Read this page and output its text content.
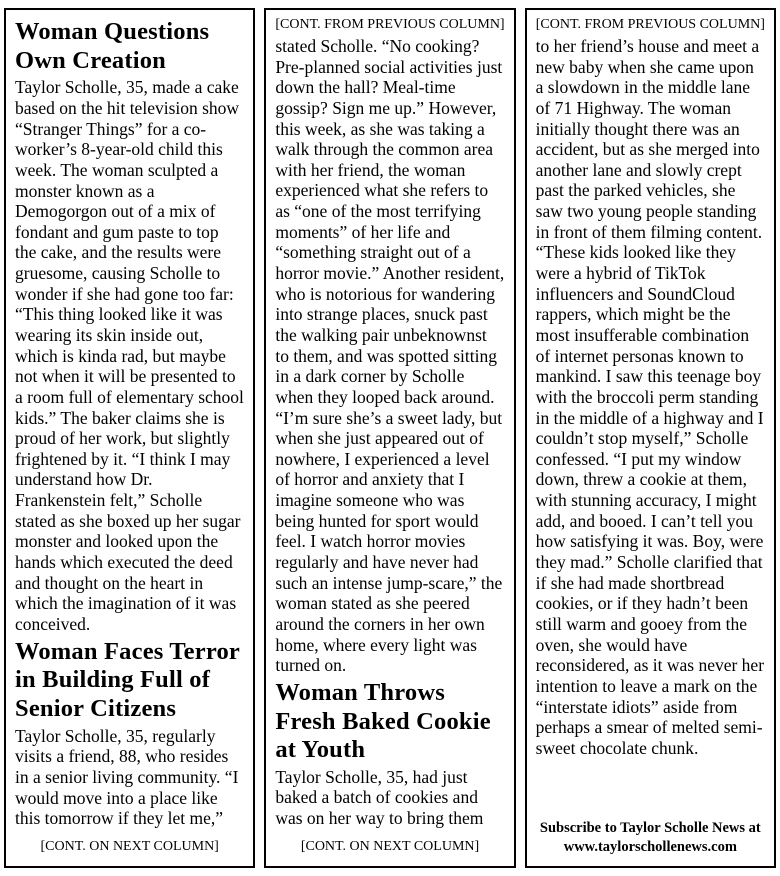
Woman Questions Own Creation

Taylor Scholle, 35, made a cake based on the hit television show “Stranger Things” for a co-worker’s 8-year-old child this week. The woman sculpted a monster known as a Demogorgon out of a mix of fondant and gum paste to top the cake, and the results were gruesome, causing Scholle to wonder if she had gone too far: “This thing looked like it was wearing its skin inside out, which is kinda rad, but maybe not when it will be presented to a room full of elementary school kids.” The baker claims she is proud of her work, but slightly frightened by it. “I think I may understand how Dr. Frankenstein felt,” Scholle stated as she boxed up her sugar monster and looked upon the hands which executed the deed and thought on the heart in which the imagination of it was conceived.

Woman Faces Terror in Building Full of Senior Citizens

Taylor Scholle, 35, regularly visits a friend, 88, who resides in a senior living community. “I would move into a place like this tomorrow if they let me,”

[CONT. ON NEXT COLUMN]
[CONT. FROM PREVIOUS COLUMN]

stated Scholle. “No cooking? Pre-planned social activities just down the hall? Meal-time gossip? Sign me up.” However, this week, as she was taking a walk through the common area with her friend, the woman experienced what she refers to as “one of the most terrifying moments” of her life and “something straight out of a horror movie.” Another resident, who is notorious for wandering into strange places, snuck past the walking pair unbeknownst to them, and was spotted sitting in a dark corner by Scholle when they looped back around. “I’m sure she’s a sweet lady, but when she just appeared out of nowhere, I experienced a level of horror and anxiety that I imagine someone who was being hunted for sport would feel. I watch horror movies regularly and have never had such an intense jump-scare,” the woman stated as she peered around the corners in her own home, where every light was turned on.

Woman Throws Fresh Baked Cookie at Youth

Taylor Scholle, 35, had just baked a batch of cookies and was on her way to bring them

[CONT. ON NEXT COLUMN]
[CONT. FROM PREVIOUS COLUMN]

to her friend’s house and meet a new baby when she came upon a slowdown in the middle lane of 71 Highway. The woman initially thought there was an accident, but as she merged into another lane and slowly crept past the parked vehicles, she saw two young people standing in front of them filming content. “These kids looked like they were a hybrid of TikTok influencers and SoundCloud rappers, which might be the most insufferable combination of internet personas known to mankind. I saw this teenage boy with the broccoli perm standing in the middle of a highway and I couldn’t stop myself,” Scholle confessed. “I put my window down, threw a cookie at them, with stunning accuracy, I might add, and booed. I can’t tell you how satisfying it was. Boy, were they mad.” Scholle clarified that if she had made shortbread cookies, or if they hadn’t been still warm and gooey from the oven, she would have reconsidered, as it was never her intention to leave a mark on the “interstate idiots” aside from perhaps a smear of melted semi-sweet chocolate chunk.

Subscribe to Taylor Scholle News at www.taylorschollenews.com
